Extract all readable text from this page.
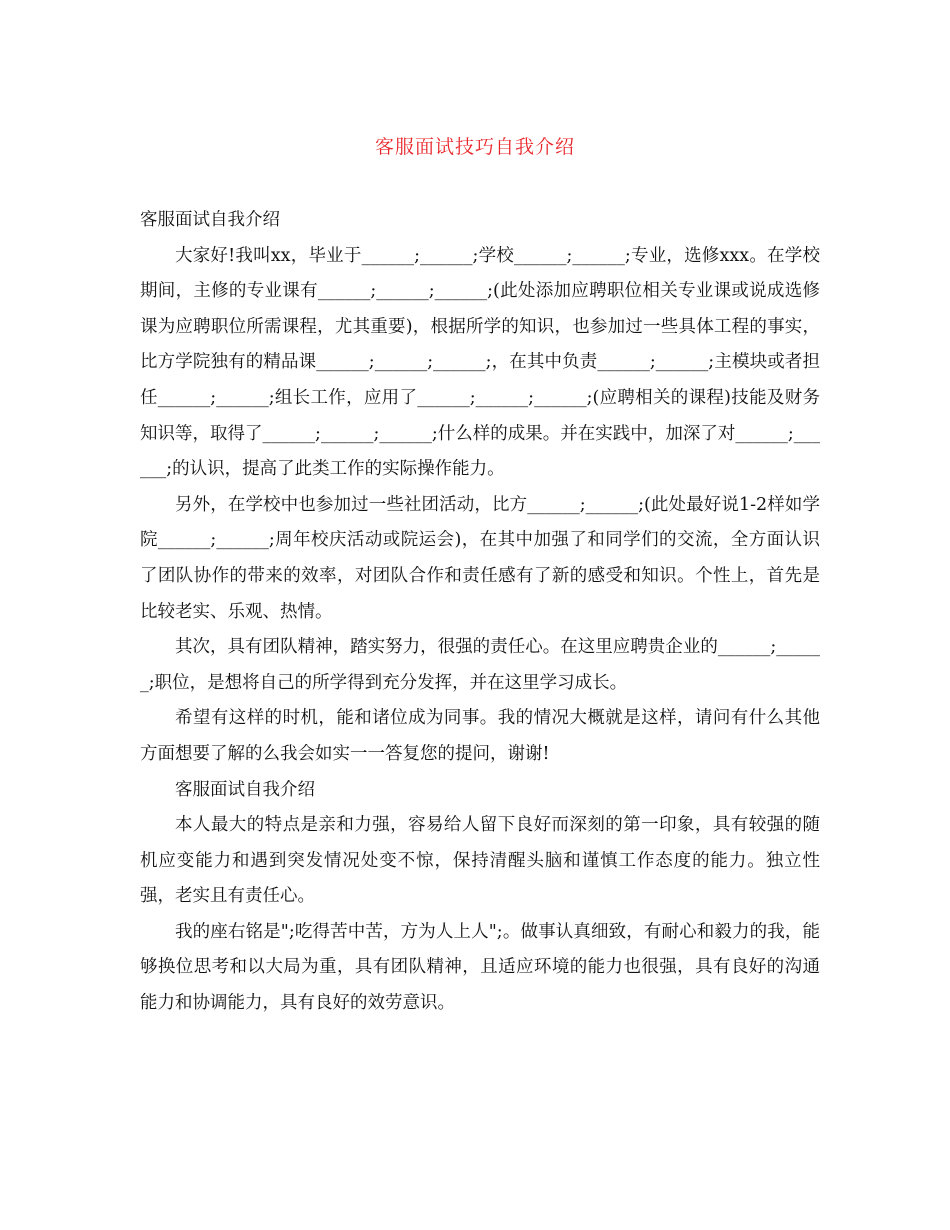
客服面试技巧自我介绍

客服面试自我介绍

大家好!我叫xx，毕业于______;______;学校______;______;专业，选修xxx。在学校期间，主修的专业课有______;______;______;(此处添加应聘职位相关专业课或说成选修课为应聘职位所需课程，尤其重要)，根据所学的知识，也参加过一些具体工程的事实，比方学院独有的精品课______;______;______;，在其中负责______;______;主模块或者担任______;______;组长工作，应用了______;______;______;(应聘相关的课程)技能及财务知识等，取得了______;______;______;什么样的成果。并在实践中，加深了对______;______;的认识，提高了此类工作的实际操作能力。

另外，在学校中也参加过一些社团活动，比方______;______;(此处最好说1-2样如学院______;______;周年校庆活动或院运会)，在其中加强了和同学们的交流，全方面认识了团队协作的带来的效率，对团队合作和责任感有了新的感受和知识。个性上，首先是比较老实、乐观、热情。

其次，具有团队精神，踏实努力，很强的责任心。在这里应聘贵企业的______;______;职位，是想将自己的所学得到充分发挥，并在这里学习成长。

希望有这样的时机，能和诸位成为同事。我的情况大概就是这样，请问有什么其他方面想要了解的么我会如实一一答复您的提问，谢谢!

客服面试自我介绍

本人最大的特点是亲和力强，容易给人留下良好而深刻的第一印象，具有较强的随机应变能力和遇到突发情况处变不惊，保持清醒头脑和谨慎工作态度的能力。独立性强，老实且有责任心。

我的座右铭是";吃得苦中苦，方为人上人";。做事认真细致，有耐心和毅力的我，能够换位思考和以大局为重，具有团队精神，且适应环境的能力也很强，具有良好的沟通能力和协调能力，具有良好的效劳意识。
